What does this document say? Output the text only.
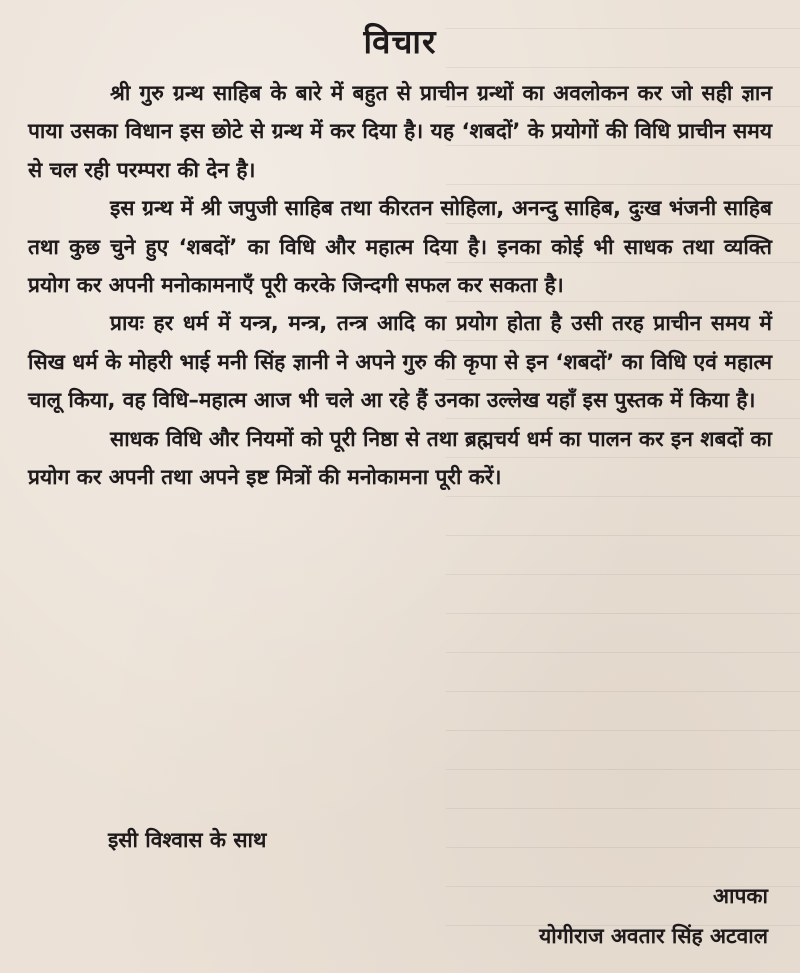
विचार

श्री गुरु ग्रन्थ साहिब के बारे में बहुत से प्राचीन ग्रन्थों का अवलोकन कर जो सही ज्ञान पाया उसका विधान इस छोटे से ग्रन्थ में कर दिया है। यह ‘शबदों’ के प्रयोगों की विधि प्राचीन समय से चल रही परम्परा की देन है।

इस ग्रन्थ में श्री जपुजी साहिब तथा कीरतन सोहिला, अनन्दु साहिब, दुःख भंजनी साहिब तथा कुछ चुने हुए ‘शबदों’ का विधि और महात्म दिया है। इनका कोई भी साधक तथा व्यक्ति प्रयोग कर अपनी मनोकामनाएँ पूरी करके जिन्दगी सफल कर सकता है।

प्रायः हर धर्म में यन्त्र, मन्त्र, तन्त्र आदि का प्रयोग होता है उसी तरह प्राचीन समय में सिख धर्म के मोहरी भाई मनी सिंह ज्ञानी ने अपने गुरु की कृपा से इन ‘शबदों’ का विधि एवं महात्म चालू किया, वह विधि–महात्म आज भी चले आ रहे हैं उनका उल्लेख यहाँ इस पुस्तक में किया है।

साधक विधि और नियमों को पूरी निष्ठा से तथा ब्रह्मचर्य धर्म का पालन कर इन शबदों का प्रयोग कर अपनी तथा अपने इष्ट मित्रों की मनोकामना पूरी करें।

इसी विश्वास के साथ
आपका
योगीराज अवतार सिंह अटवाल
